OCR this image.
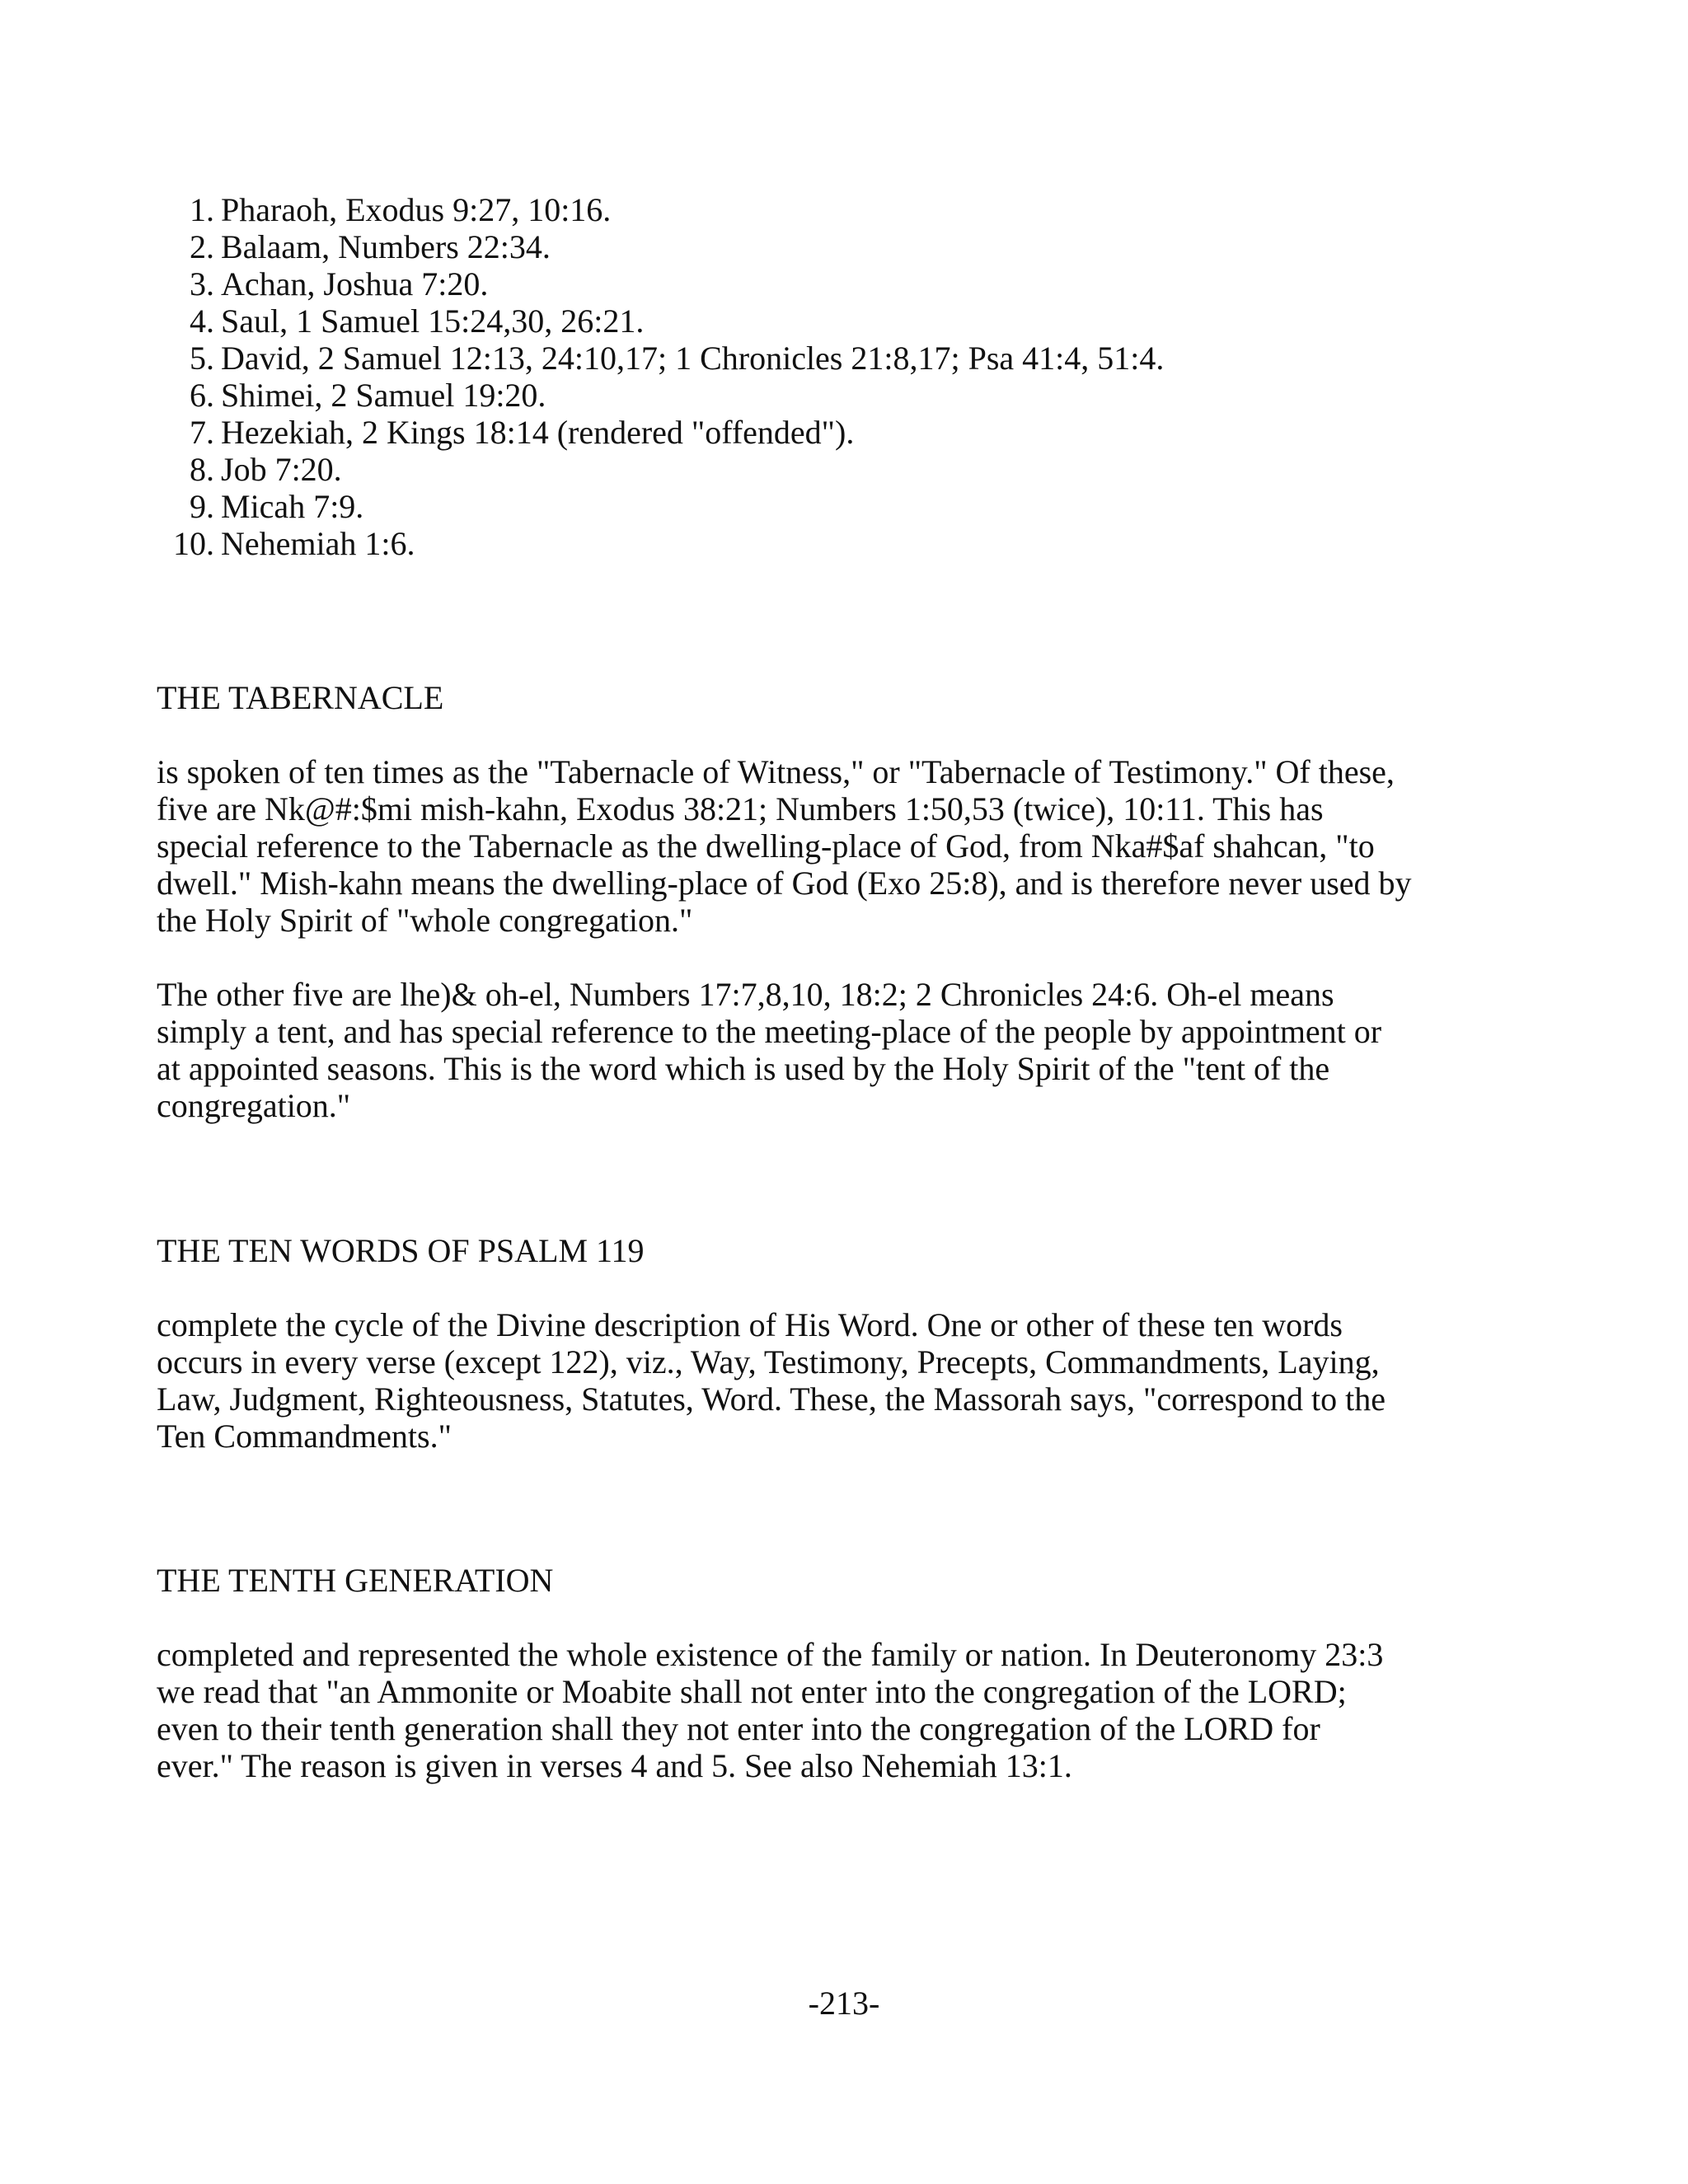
1. Pharaoh, Exodus 9:27, 10:16.
2. Balaam, Numbers 22:34.
3. Achan, Joshua 7:20.
4. Saul, 1 Samuel 15:24,30, 26:21.
5. David, 2 Samuel 12:13, 24:10,17; 1 Chronicles 21:8,17; Psa 41:4, 51:4.
6. Shimei, 2 Samuel 19:20.
7. Hezekiah, 2 Kings 18:14 (rendered "offended").
8. Job 7:20.
9. Micah 7:9.
10. Nehemiah 1:6.
THE TABERNACLE

is spoken of ten times as the "Tabernacle of Witness," or "Tabernacle of Testimony." Of these,
five are Nk@#:$mi mish-kahn, Exodus 38:21; Numbers 1:50,53 (twice), 10:11. This has
special reference to the Tabernacle as the dwelling-place of God, from Nka#$af shahcan, "to
dwell." Mish-kahn means the dwelling-place of God (Exo 25:8), and is therefore never used by
the Holy Spirit of "whole congregation."

The other five are lhe)& oh-el, Numbers 17:7,8,10, 18:2; 2 Chronicles 24:6. Oh-el means
simply a tent, and has special reference to the meeting-place of the people by appointment or
at appointed seasons. This is the word which is used by the Holy Spirit of the "tent of the
congregation."

THE TEN WORDS OF PSALM 119

complete the cycle of the Divine description of His Word. One or other of these ten words
occurs in every verse (except 122), viz., Way, Testimony, Precepts, Commandments, Laying,
Law, Judgment, Righteousness, Statutes, Word. These, the Massorah says, "correspond to the
Ten Commandments."

THE TENTH GENERATION

completed and represented the whole existence of the family or nation. In Deuteronomy 23:3
we read that "an Ammonite or Moabite shall not enter into the congregation of the LORD;
even to their tenth generation shall they not enter into the congregation of the LORD for
ever." The reason is given in verses 4 and 5. See also Nehemiah 13:1.

-213-
